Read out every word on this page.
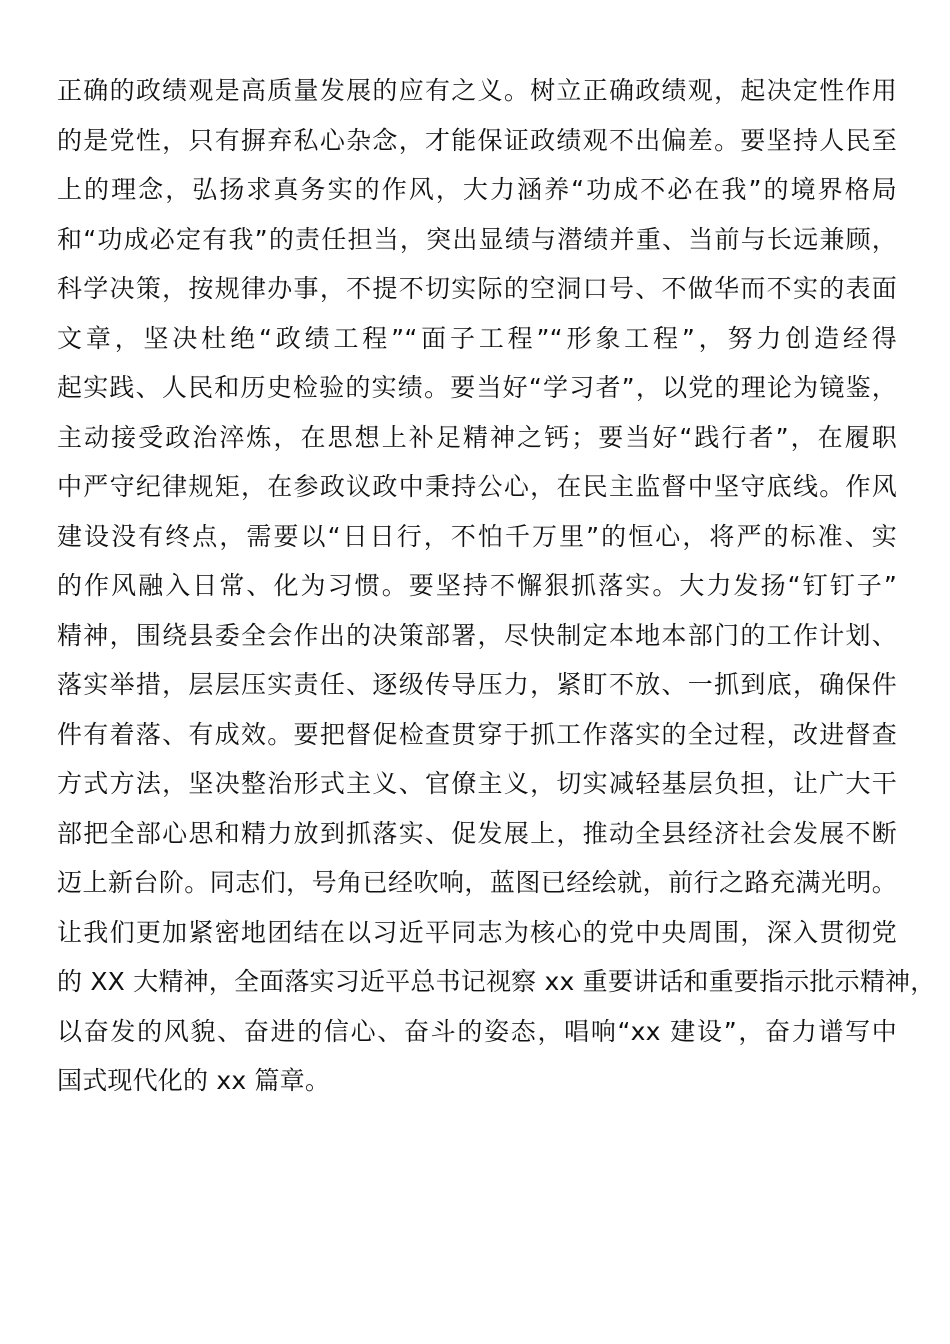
正确的政绩观是高质量发展的应有之义。树立正确政绩观，起决定性作用
的是党性，只有摒弃私心杂念，才能保证政绩观不出偏差。要坚持人民至
上的理念，弘扬求真务实的作风，大力涵养“功成不必在我”的境界格局
和“功成必定有我”的责任担当，突出显绩与潜绩并重、当前与长远兼顾，
科学决策，按规律办事，不提不切实际的空洞口号、不做华而不实的表面
文章，坚决杜绝“政绩工程”“面子工程”“形象工程”，努力创造经得
起实践、人民和历史检验的实绩。要当好“学习者”，以党的理论为镜鉴，
主动接受政治淬炼，在思想上补足精神之钙；要当好“践行者”，在履职
中严守纪律规矩，在参政议政中秉持公心，在民主监督中坚守底线。作风
建设没有终点，需要以“日日行，不怕千万里”的恒心，将严的标准、实
的作风融入日常、化为习惯。要坚持不懈狠抓落实。大力发扬“钉钉子”
精神，围绕县委全会作出的决策部署，尽快制定本地本部门的工作计划、
落实举措，层层压实责任、逐级传导压力，紧盯不放、一抓到底，确保件
件有着落、有成效。要把督促检查贯穿于抓工作落实的全过程，改进督查
方式方法，坚决整治形式主义、官僚主义，切实减轻基层负担，让广大干
部把全部心思和精力放到抓落实、促发展上，推动全县经济社会发展不断
迈上新台阶。同志们，号角已经吹响，蓝图已经绘就，前行之路充满光明。
让我们更加紧密地团结在以习近平同志为核心的党中央周围，深入贯彻党
的 XX 大精神，全面落实习近平总书记视察 xx 重要讲话和重要指示批示精神，
以奋发的风貌、奋进的信心、奋斗的姿态，唱响“xx 建设”，奋力谱写中
国式现代化的 xx 篇章。
